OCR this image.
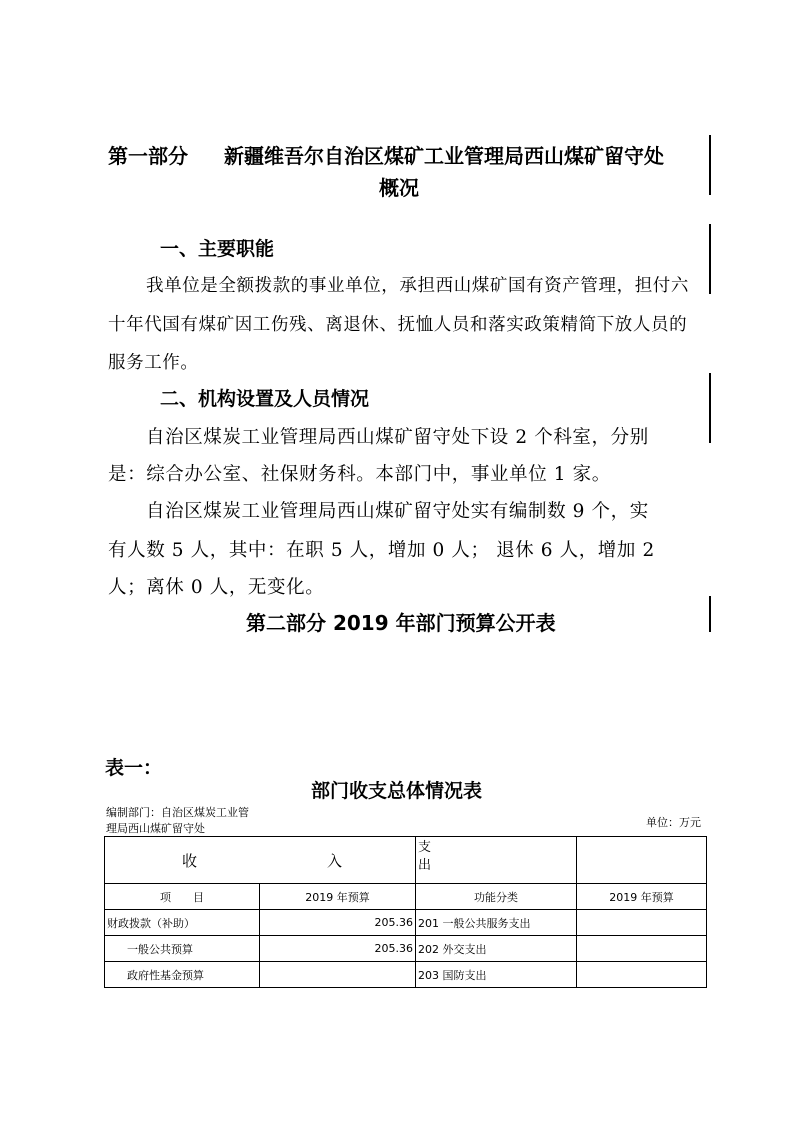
第一部分 新疆维吾尔自治区煤矿工业管理局西山煤矿留守处
概况
一、主要职能
我单位是全额拨款的事业单位，承担西山煤矿国有资产管理，担付六
十年代国有煤矿因工伤残、离退休、抚恤人员和落实政策精简下放人员的
服务工作。
二、机构设置及人员情况
自治区煤炭工业管理局西山煤矿留守处下设 2 个科室，分别
是：综合办公室、社保财务科。本部门中，事业单位 1 家。
自治区煤炭工业管理局西山煤矿留守处实有编制数 9 个，实
有人数 5 人，其中：在职 5 人，增加 0 人； 退休 6 人，增加 2
人；离休 0 人，无变化。
第二部分 2019 年部门预算公开表
表一：
部门收支总体情况表
编制部门：自治区煤炭工业管
理局西山煤矿留守处	单位：万元
收 入		支
出	

项　　目	2019 年预算	功能分类	2019 年预算
财政拨款（补助）	205.36	201 一般公共服务支出	
一般公共预算	205.36	202 外交支出	
政府性基金预算		203 国防支出	
